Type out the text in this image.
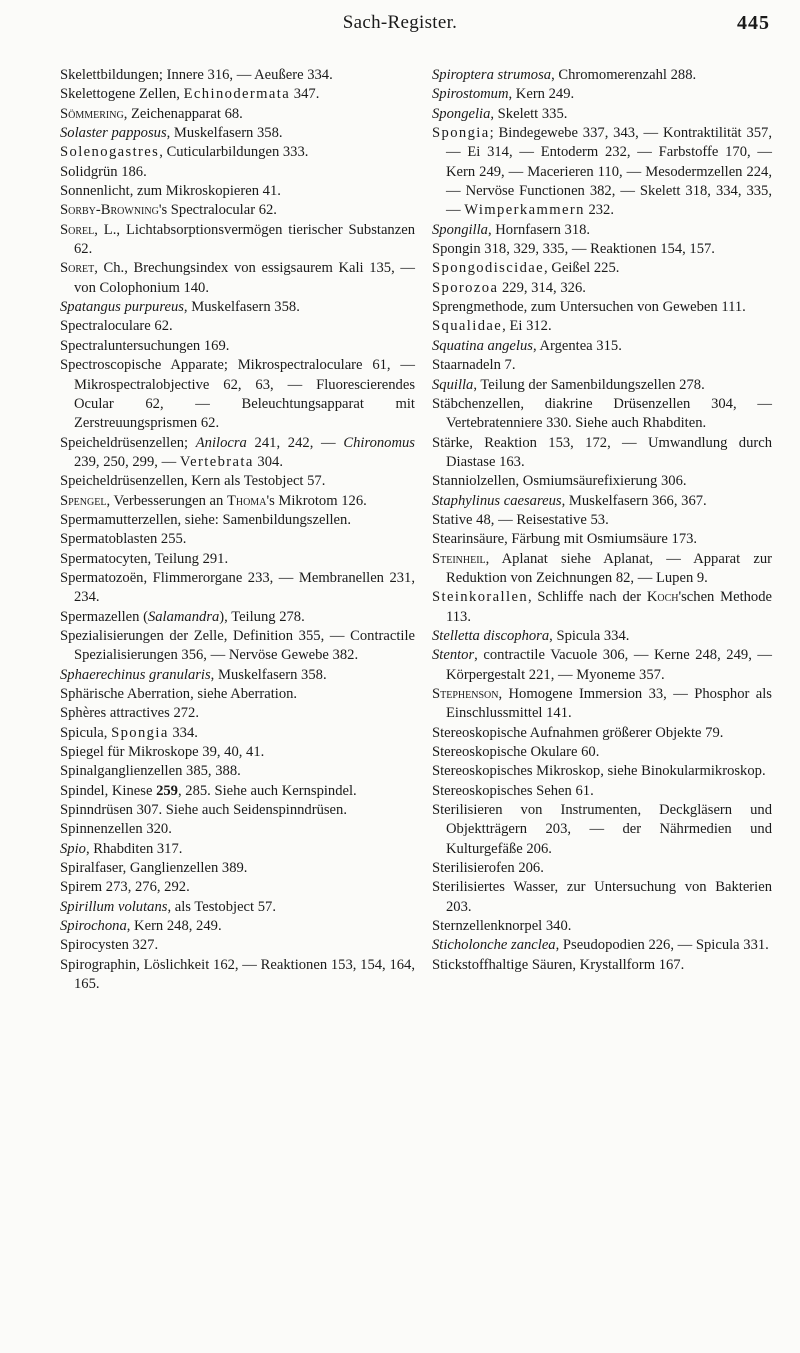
Sach-Register.	445

Skelettbildungen; Innere 316, — Aeußere 334.

Skelettogene Zellen, Echinodermata 347.

Sömmering, Zeichenapparat 68.

Solaster papposus, Muskelfasern 358.

Solenogastres, Cuticularbildungen 333.

Solidgrün 186.

Sonnenlicht, zum Mikroskopieren 41.

Sorby-Browning's Spectralocular 62.

Sorel, L., Lichtabsorptionsvermögen tierischer Substanzen 62.

Soret, Ch., Brechungsindex von essigsaurem Kali 135, — von Colophonium 140.

Spatangus purpureus, Muskelfasern 358.

Spectraloculare 62.

Spectraluntersuchungen 169.

Spectroscopische Apparate; Mikrospectraloculare 61, — Mikrospectralobjective 62, 63, — Fluorescierendes Ocular 62, — Beleuchtungsapparat mit Zerstreuungsprismen 62.

Speicheldrüsenzellen; Anilocra 241, 242, — Chironomus 239, 250, 299, — Vertebrata 304.

Speicheldrüsenzellen, Kern als Testobject 57.

Spengel, Verbesserungen an Thoma's Mikrotom 126.

Spermamutterzellen, siehe: Samenbildungszellen.

Spermatoblasten 255.

Spermatocyten, Teilung 291.

Spermatozoën, Flimmerorgane 233, — Membranellen 231, 234.

Spermazellen (Salamandra), Teilung 278.

Spezialisierungen der Zelle, Definition 355, — Contractile Spezialisierungen 356, — Nervöse Gewebe 382.

Sphaerechinus granularis, Muskelfasern 358.

Sphärische Aberration, siehe Aberration.

Sphères attractives 272.

Spicula, Spongia 334.

Spiegel für Mikroskope 39, 40, 41.

Spinalganglienzellen 385, 388.

Spindel, Kinese 259, 285. Siehe auch Kernspindel.

Spinndrüsen 307. Siehe auch Seidenspinndrüsen.

Spinnenzellen 320.

Spio, Rhabditen 317.

Spiralfaser, Ganglienzellen 389.

Spirem 273, 276, 292.

Spirillum volutans, als Testobject 57.

Spirochona, Kern 248, 249.

Spirocysten 327.

Spirographin, Löslichkeit 162, — Reaktionen 153, 154, 164, 165.

Spiroptera strumosa, Chromomerenzahl 288.

Spirostomum, Kern 249.

Spongelia, Skelett 335.

Spongia; Bindegewebe 337, 343, — Kontraktilität 357, — Ei 314, — Entoderm 232, — Farbstoffe 170, — Kern 249, — Macerieren 110, — Mesodermzellen 224, — Nervöse Functionen 382, — Skelett 318, 334, 335, — Wimperkammern 232.

Spongilla, Hornfasern 318.

Spongin 318, 329, 335, — Reaktionen 154, 157.

Spongodiscidae, Geißel 225.

Sporozoa 229, 314, 326.

Sprengmethode, zum Untersuchen von Geweben 111.

Squalidae, Ei 312.

Squatina angelus, Argentea 315.

Staarnadeln 7.

Squilla, Teilung der Samenbildungszellen 278.

Stäbchenzellen, diakrine Drüsenzellen 304, — Vertebratenniere 330. Siehe auch Rhabditen.

Stärke, Reaktion 153, 172, — Umwandlung durch Diastase 163.

Stanniolzellen, Osmiumsäurefixierung 306.

Staphylinus caesareus, Muskelfasern 366, 367.

Stative 48, — Reisestative 53.

Stearinsäure, Färbung mit Osmiumsäure 173.

Steinheil, Aplanat siehe Aplanat, — Apparat zur Reduktion von Zeichnungen 82, — Lupen 9.

Steinkorallen, Schliffe nach der Koch'schen Methode 113.

Stelletta discophora, Spicula 334.

Stentor, contractile Vacuole 306, — Kerne 248, 249, — Körpergestalt 221, — Myoneme 357.

Stephenson, Homogene Immersion 33, — Phosphor als Einschlussmittel 141.

Stereoskopische Aufnahmen größerer Objekte 79.

Stereoskopische Okulare 60.

Stereoskopisches Mikroskop, siehe Binokularmikroskop.

Stereoskopisches Sehen 61.

Sterilisieren von Instrumenten, Deckgläsern und Objektträgern 203, — der Nährmedien und Kulturgefäße 206.

Sterilisierofen 206.

Sterilisiertes Wasser, zur Untersuchung von Bakterien 203.

Sternzellenknorpel 340.

Sticholonche zanclea, Pseudopodien 226, — Spicula 331.

Stickstoffhaltige Säuren, Krystallform 167.
